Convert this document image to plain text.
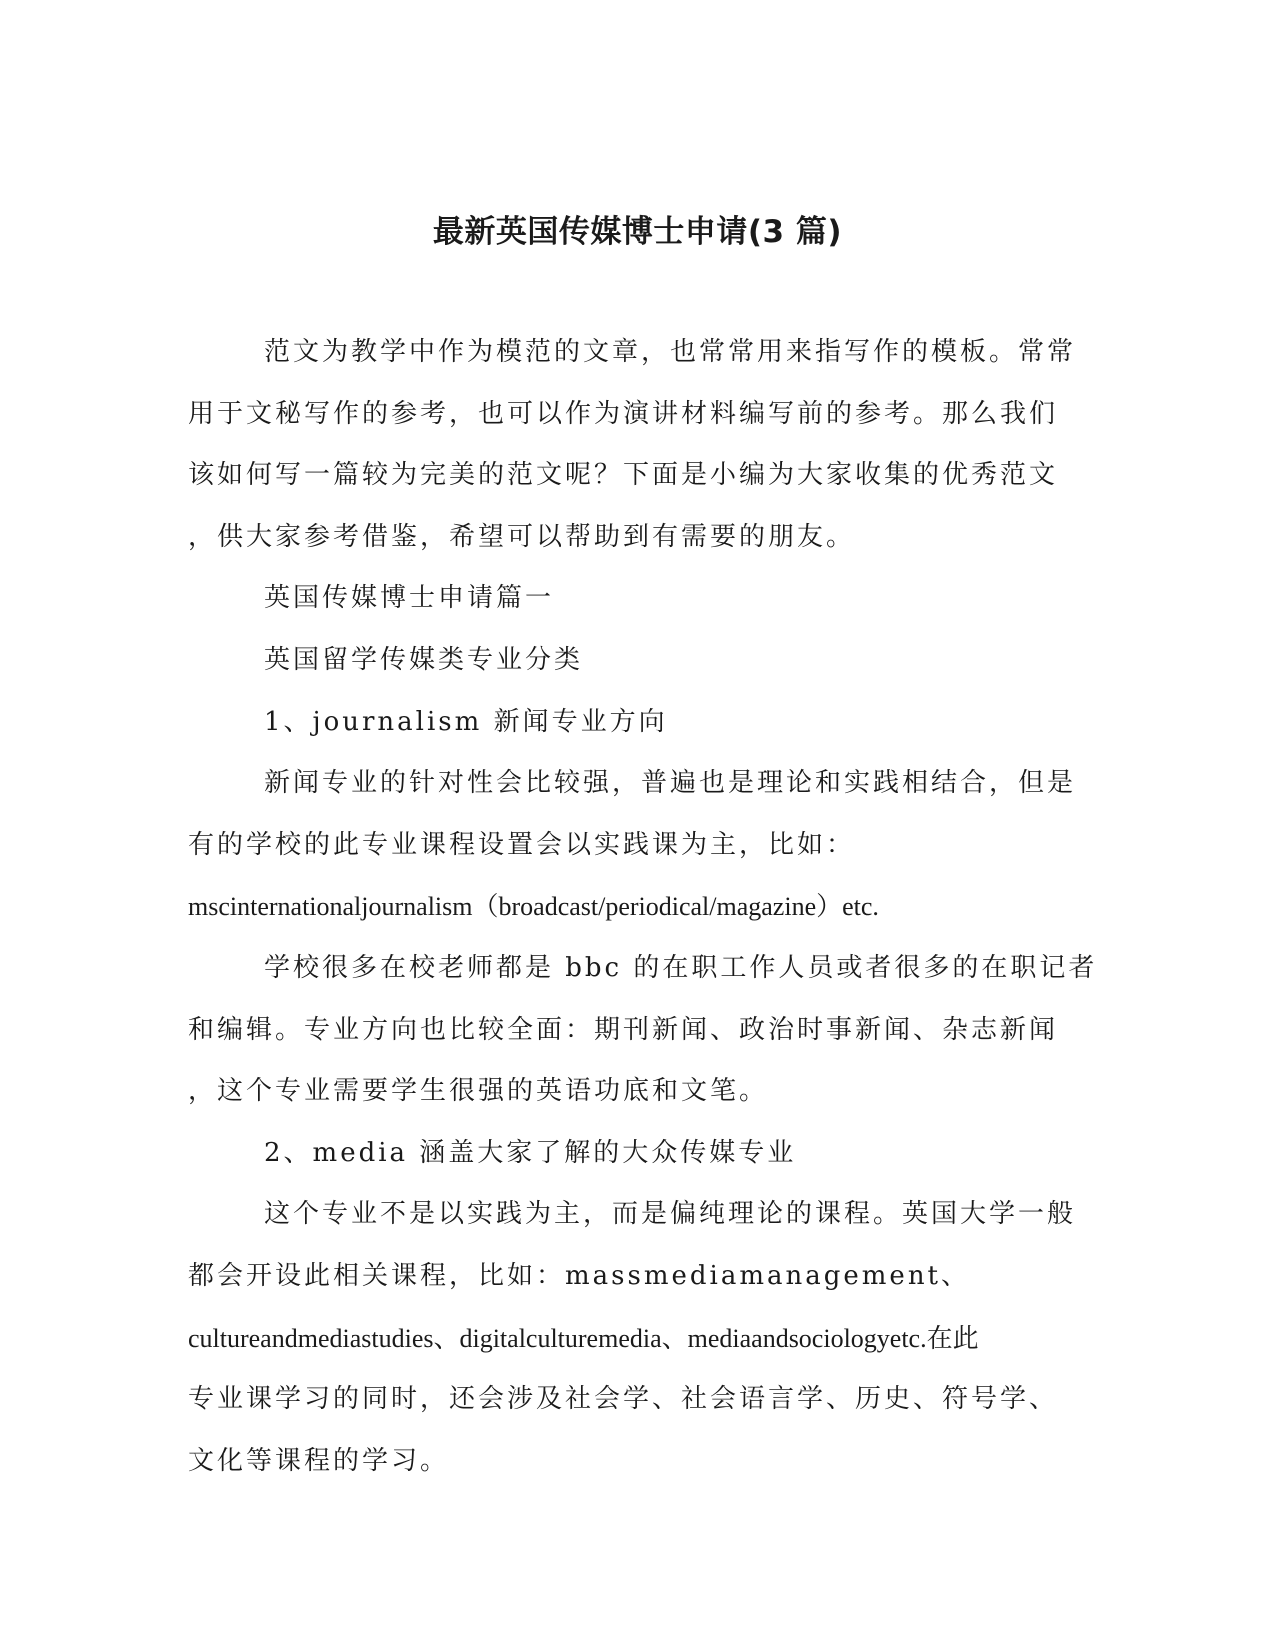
最新英国传媒博士申请(3 篇)
范文为教学中作为模范的文章，也常常用来指写作的模板。常常
用于文秘写作的参考，也可以作为演讲材料编写前的参考。那么我们
该如何写一篇较为完美的范文呢？下面是小编为大家收集的优秀范文
，供大家参考借鉴，希望可以帮助到有需要的朋友。
英国传媒博士申请篇一
英国留学传媒类专业分类
1、journalism 新闻专业方向
新闻专业的针对性会比较强，普遍也是理论和实践相结合，但是
有的学校的此专业课程设置会以实践课为主，比如：
mscinternationaljournalism（broadcast/periodical/magazine）etc.
学校很多在校老师都是 bbc 的在职工作人员或者很多的在职记者
和编辑。专业方向也比较全面：期刊新闻、政治时事新闻、杂志新闻
，这个专业需要学生很强的英语功底和文笔。
2、media 涵盖大家了解的大众传媒专业
这个专业不是以实践为主，而是偏纯理论的课程。英国大学一般
都会开设此相关课程，比如：massmediamanagement、
cultureandmediastudies、digitalculturemedia、mediaandsociologyetc.在此
专业课学习的同时，还会涉及社会学、社会语言学、历史、符号学、
文化等课程的学习。
